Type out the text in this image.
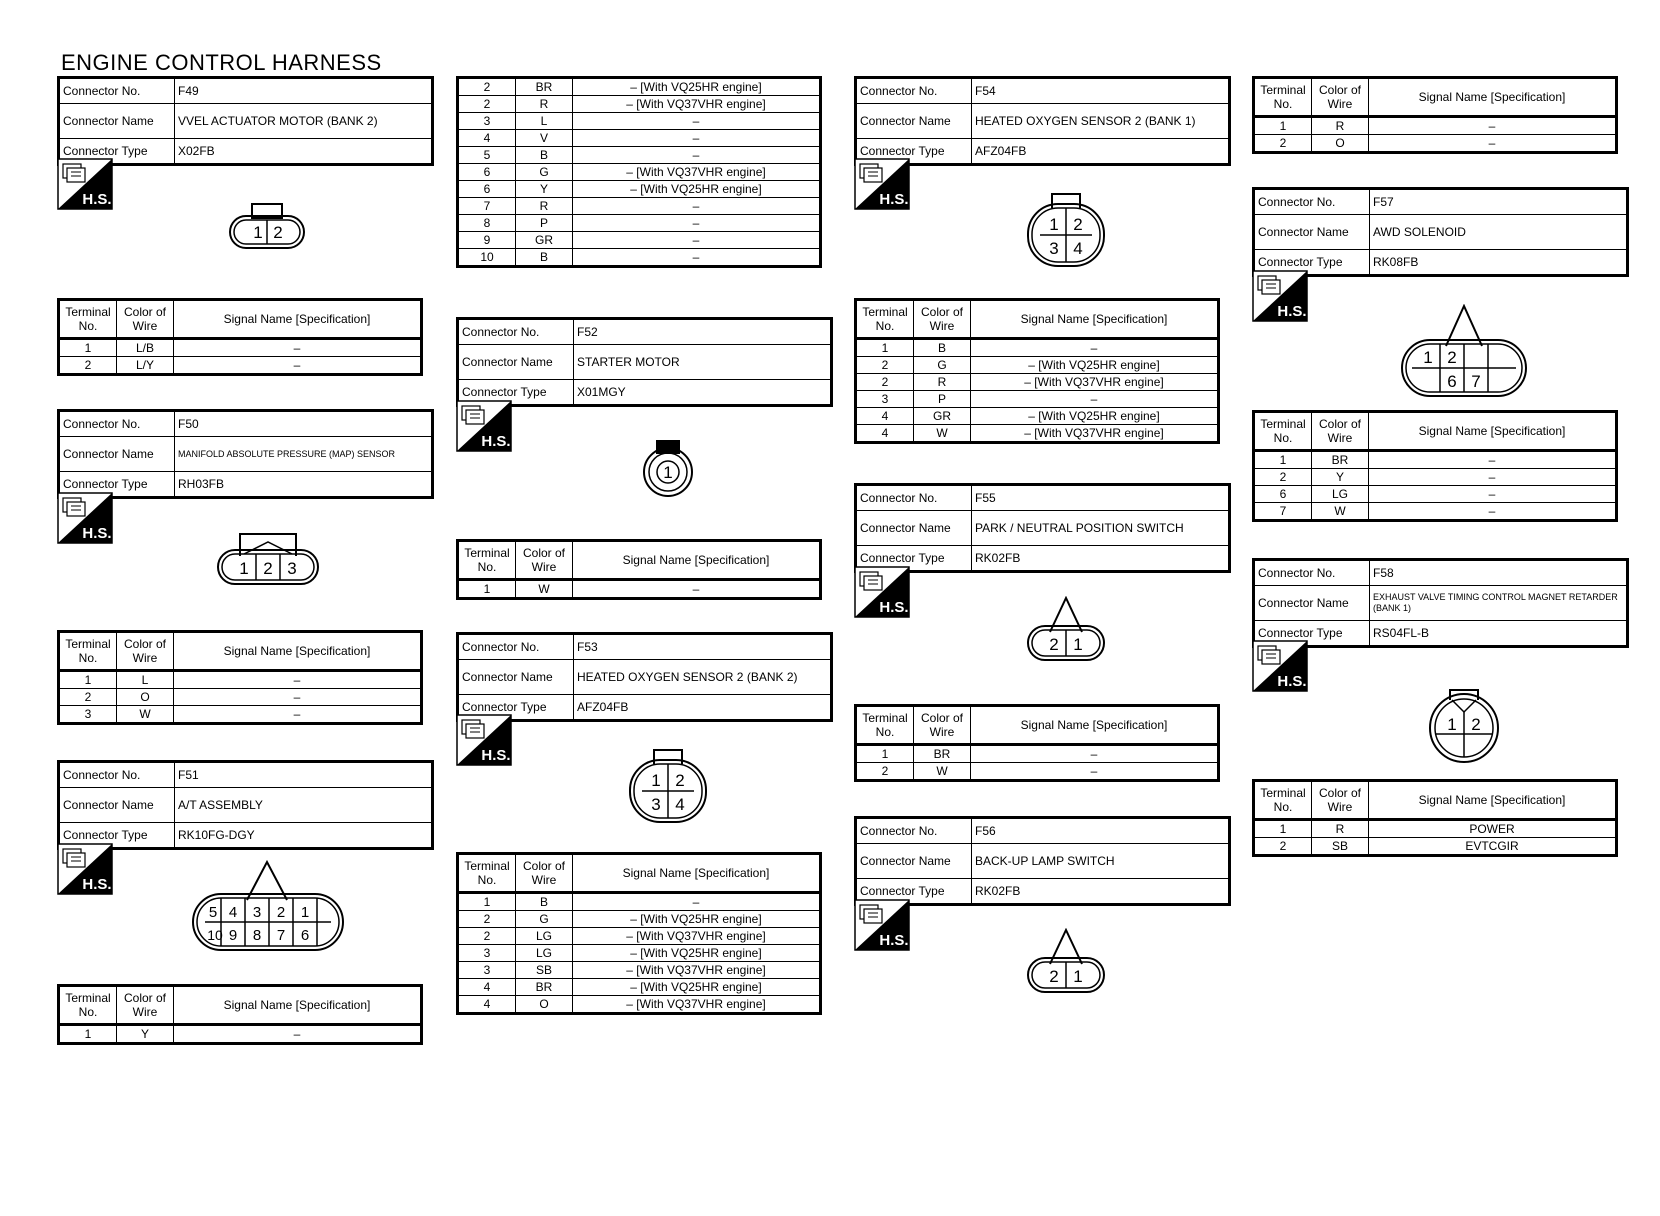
ENGINE CONTROL HARNESS
Connector No.	F49
Connector Name	VVEL ACTUATOR MOTOR (BANK 2)
Connector Type	X02FB
H.S.
1 2
Terminal No.	Color of Wire	Signal Name [Specification]
1	L/B	–
2	L/Y	–
Connector No.	F50
Connector Name	MANIFOLD ABSOLUTE PRESSURE (MAP) SENSOR
Connector Type	RH03FB
H.S.
1 2 3
Terminal No.	Color of Wire	Signal Name [Specification]
1	L	–
2	O	–
3	W	–
Connector No.	F51
Connector Name	A/T ASSEMBLY
Connector Type	RK10FG-DGY
H.S.
5 4 3 2 1
10 9 8 7 6
Terminal No.	Color of Wire	Signal Name [Specification]
1	Y	–
2	BR	– [With VQ25HR engine]
2	R	– [With VQ37VHR engine]
3	L	–
4	V	–
5	B	–
6	G	– [With VQ37VHR engine]
6	Y	– [With VQ25HR engine]
7	R	–
8	P	–
9	GR	–
10	B	–
Connector No.	F52
Connector Name	STARTER MOTOR
Connector Type	X01MGY
H.S.
1
Terminal No.	Color of Wire	Signal Name [Specification]
1	W	–
Connector No.	F53
Connector Name	HEATED OXYGEN SENSOR 2 (BANK 2)
Connector Type	AFZ04FB
H.S.
1 2
3 4
Terminal No.	Color of Wire	Signal Name [Specification]
1	B	–
2	G	– [With VQ25HR engine]
2	LG	– [With VQ37VHR engine]
3	LG	– [With VQ25HR engine]
3	SB	– [With VQ37VHR engine]
4	BR	– [With VQ25HR engine]
4	O	– [With VQ37VHR engine]
Connector No.	F54
Connector Name	HEATED OXYGEN SENSOR 2 (BANK 1)
Connector Type	AFZ04FB
H.S.
1 2
3 4
Terminal No.	Color of Wire	Signal Name [Specification]
1	B	–
2	G	– [With VQ25HR engine]
2	R	– [With VQ37VHR engine]
3	P	–
4	GR	– [With VQ25HR engine]
4	W	– [With VQ37VHR engine]
Connector No.	F55
Connector Name	PARK / NEUTRAL POSITION SWITCH
Connector Type	RK02FB
H.S.
2 1
Terminal No.	Color of Wire	Signal Name [Specification]
1	BR	–
2	W	–
Connector No.	F56
Connector Name	BACK-UP LAMP SWITCH
Connector Type	RK02FB
H.S.
2 1
Terminal No.	Color of Wire	Signal Name [Specification]
1	R	–
2	O	–
Connector No.	F57
Connector Name	AWD SOLENOID
Connector Type	RK08FB
H.S.
1 2
6 7
Terminal No.	Color of Wire	Signal Name [Specification]
1	BR	–
2	Y	–
6	LG	–
7	W	–
Connector No.	F58
Connector Name	EXHAUST VALVE TIMING CONTROL MAGNET RETARDER (BANK 1)
Connector Type	RS04FL-B
H.S.
1 2
Terminal No.	Color of Wire	Signal Name [Specification]
1	R	POWER
2	SB	EVTCGIR
